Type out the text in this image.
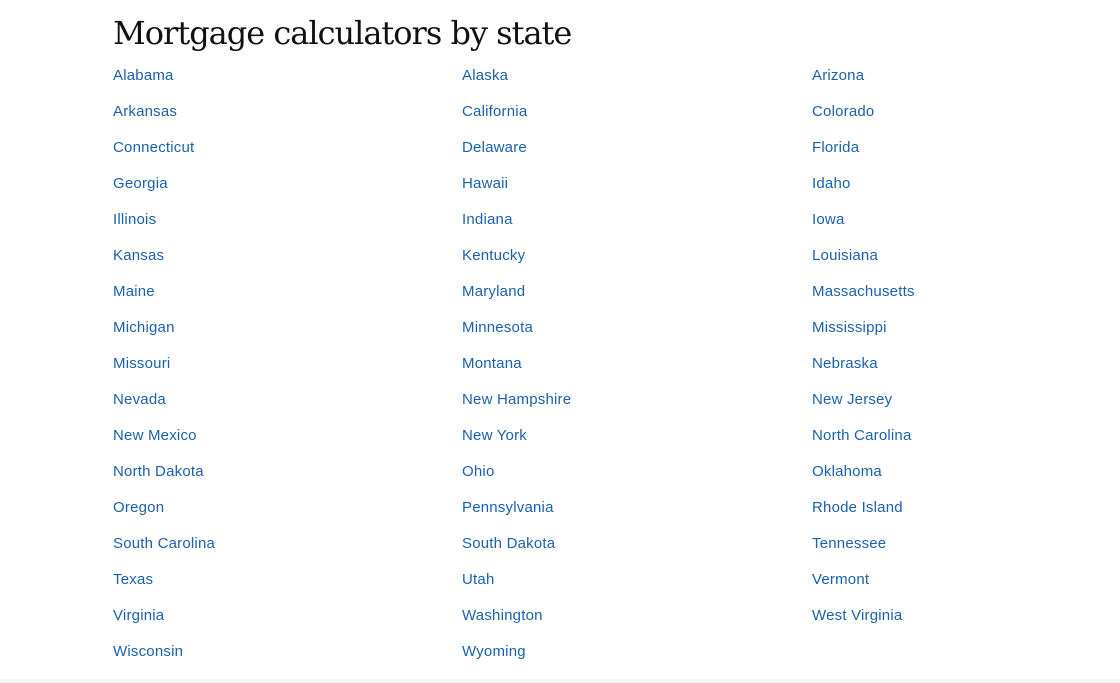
Mortgage calculators by state
Alabama	Alaska	Arizona
Arkansas	California	Colorado
Connecticut	Delaware	Florida
Georgia	Hawaii	Idaho
Illinois	Indiana	Iowa
Kansas	Kentucky	Louisiana
Maine	Maryland	Massachusetts
Michigan	Minnesota	Mississippi
Missouri	Montana	Nebraska
Nevada	New Hampshire	New Jersey
New Mexico	New York	North Carolina
North Dakota	Ohio	Oklahoma
Oregon	Pennsylvania	Rhode Island
South Carolina	South Dakota	Tennessee
Texas	Utah	Vermont
Virginia	Washington	West Virginia
Wisconsin	Wyoming
